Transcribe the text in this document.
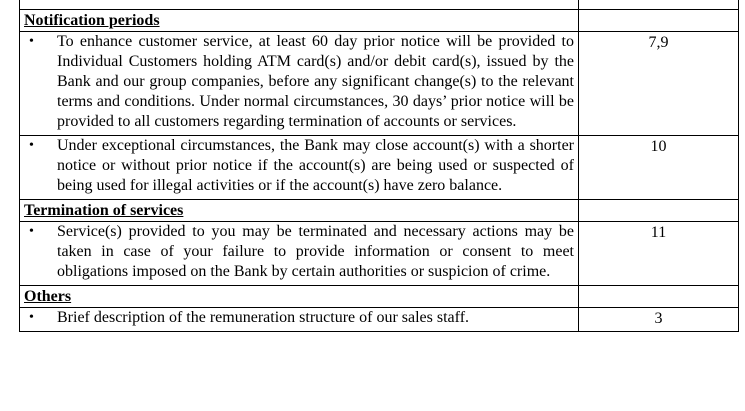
Notification periods	

• To enhance customer service, at least 60 day prior notice will be provided to Individual Customers holding ATM card(s) and/or debit card(s), issued by the Bank and our group companies, before any significant change(s) to the relevant terms and conditions. Under normal circumstances, 30 days’ prior notice will be provided to all customers regarding termination of accounts or services.	7,9

• Under exceptional circumstances, the Bank may close account(s) with a shorter notice or without prior notice if the account(s) are being used or suspected of being used for illegal activities or if the account(s) have zero balance.	10
Termination of services	

• Service(s) provided to you may be terminated and necessary actions may be taken in case of your failure to provide information or consent to meet obligations imposed on the Bank by certain authorities or suspicion of crime.	11
Others	

• Brief description of the remuneration structure of our sales staff.	3
